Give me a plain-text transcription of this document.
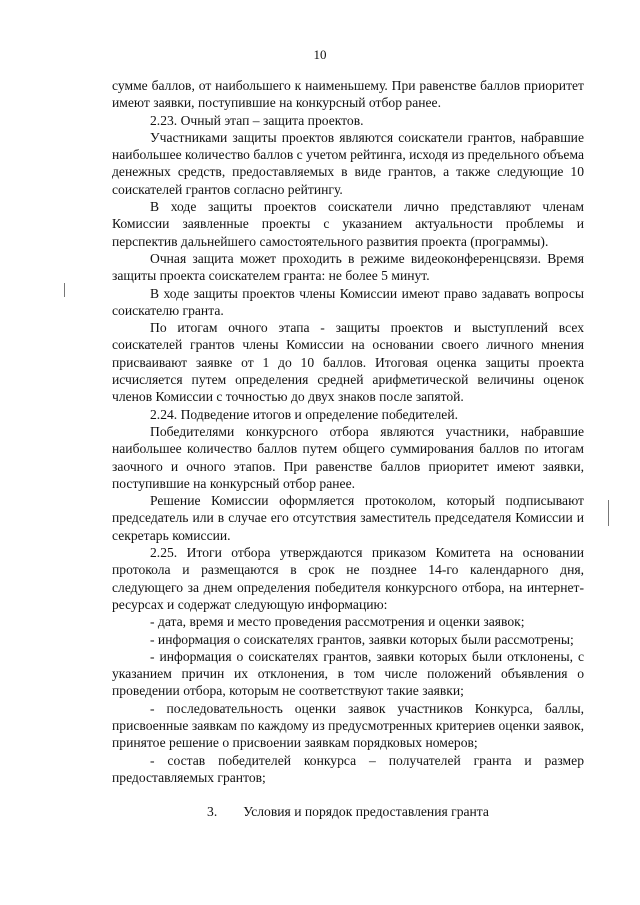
10

сумме баллов, от наибольшего к наименьшему. При равенстве баллов приоритет имеют заявки, поступившие на конкурсный отбор ранее.

2.23. Очный этап – защита проектов.

Участниками защиты проектов являются соискатели грантов, набравшие наибольшее количество баллов с учетом рейтинга, исходя из предельного объема денежных средств, предоставляемых в виде грантов, а также следующие 10 соискателей грантов согласно рейтингу.

В ходе защиты проектов соискатели лично представляют членам Комиссии заявленные проекты с указанием актуальности проблемы и перспектив дальнейшего самостоятельного развития проекта (программы).

Очная защита может проходить в режиме видеоконференцсвязи. Время защиты проекта соискателем гранта: не более 5 минут.

В ходе защиты проектов члены Комиссии имеют право задавать вопросы соискателю гранта.

По итогам очного этапа - защиты проектов и выступлений всех соискателей грантов члены Комиссии на основании своего личного мнения присваивают заявке от 1 до 10 баллов. Итоговая оценка защиты проекта исчисляется путем определения средней арифметической величины оценок членов Комиссии с точностью до двух знаков после запятой.

2.24. Подведение итогов и определение победителей.

Победителями конкурсного отбора являются участники, набравшие наибольшее количество баллов путем общего суммирования баллов по итогам заочного и очного этапов. При равенстве баллов приоритет имеют заявки, поступившие на конкурсный отбор ранее.

Решение Комиссии оформляется протоколом, который подписывают председатель или в случае его отсутствия заместитель председателя Комиссии и секретарь комиссии.

2.25. Итоги отбора утверждаются приказом Комитета на основании протокола и размещаются в срок не позднее 14-го календарного дня, следующего за днем определения победителя конкурсного отбора, на интернет-ресурсах и содержат следующую информацию:

- дата, время и место проведения рассмотрения и оценки заявок;

- информация о соискателях грантов, заявки которых были рассмотрены;

- информация о соискателях грантов, заявки которых были отклонены, с указанием причин их отклонения, в том числе положений объявления о проведении отбора, которым не соответствуют такие заявки;

- последовательность оценки заявок участников Конкурса, баллы, присвоенные заявкам по каждому из предусмотренных критериев оценки заявок, принятое решение о присвоении заявкам порядковых номеров;

- состав победителей конкурса – получателей гранта и размер предоставляемых грантов;

3. Условия и порядок предоставления гранта
